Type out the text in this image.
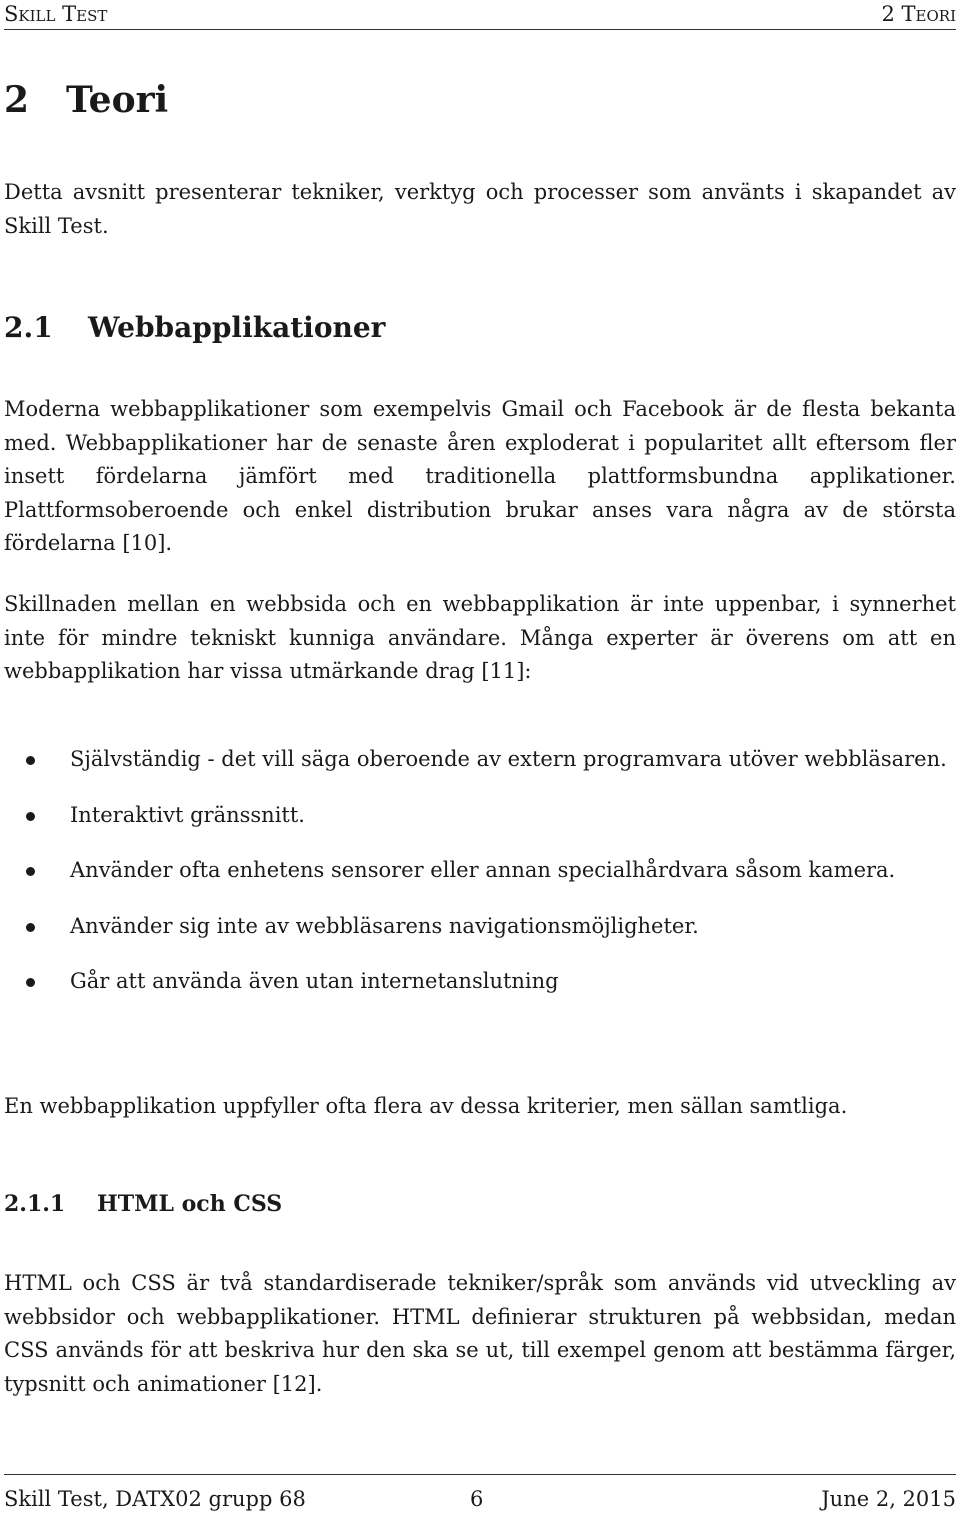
Skill Test	2 Teori
2 Teori

Detta avsnitt presenterar tekniker, verktyg och processer som använts i skapandet av Skill Test.

2.1 Webbapplikationer

Moderna webbapplikationer som exempelvis Gmail och Facebook är de flesta bekanta med. Webbapplikationer har de senaste åren exploderat i popularitet allt eftersom fler insett fördelarna jämfört med traditionella plattformsbundna applikationer. Plattformsoberoende och enkel distribution brukar anses vara några av de största fördelarna [10].

Skillnaden mellan en webbsida och en webbapplikation är inte uppenbar, i synnerhet inte för mindre tekniskt kunniga användare. Många experter är överens om att en webbapplikation har vissa utmärkande drag [11]:

Självständig - det vill säga oberoende av extern programvara utöver webbläsaren.
Interaktivt gränssnitt.
Använder ofta enhetens sensorer eller annan specialhårdvara såsom kamera.
Använder sig inte av webbläsarens navigationsmöjligheter.
Går att använda även utan internetanslutning

En webbapplikation uppfyller ofta flera av dessa kriterier, men sällan samtliga.

2.1.1 HTML och CSS

HTML och CSS är två standardiserade tekniker/språk som används vid utveckling av webbsidor och webbapplikationer. HTML definierar strukturen på webbsidan, medan CSS används för att beskriva hur den ska se ut, till exempel genom att bestämma färger, typsnitt och animationer [12].

Skill Test, DATX02 grupp 68	6	June 2, 2015
